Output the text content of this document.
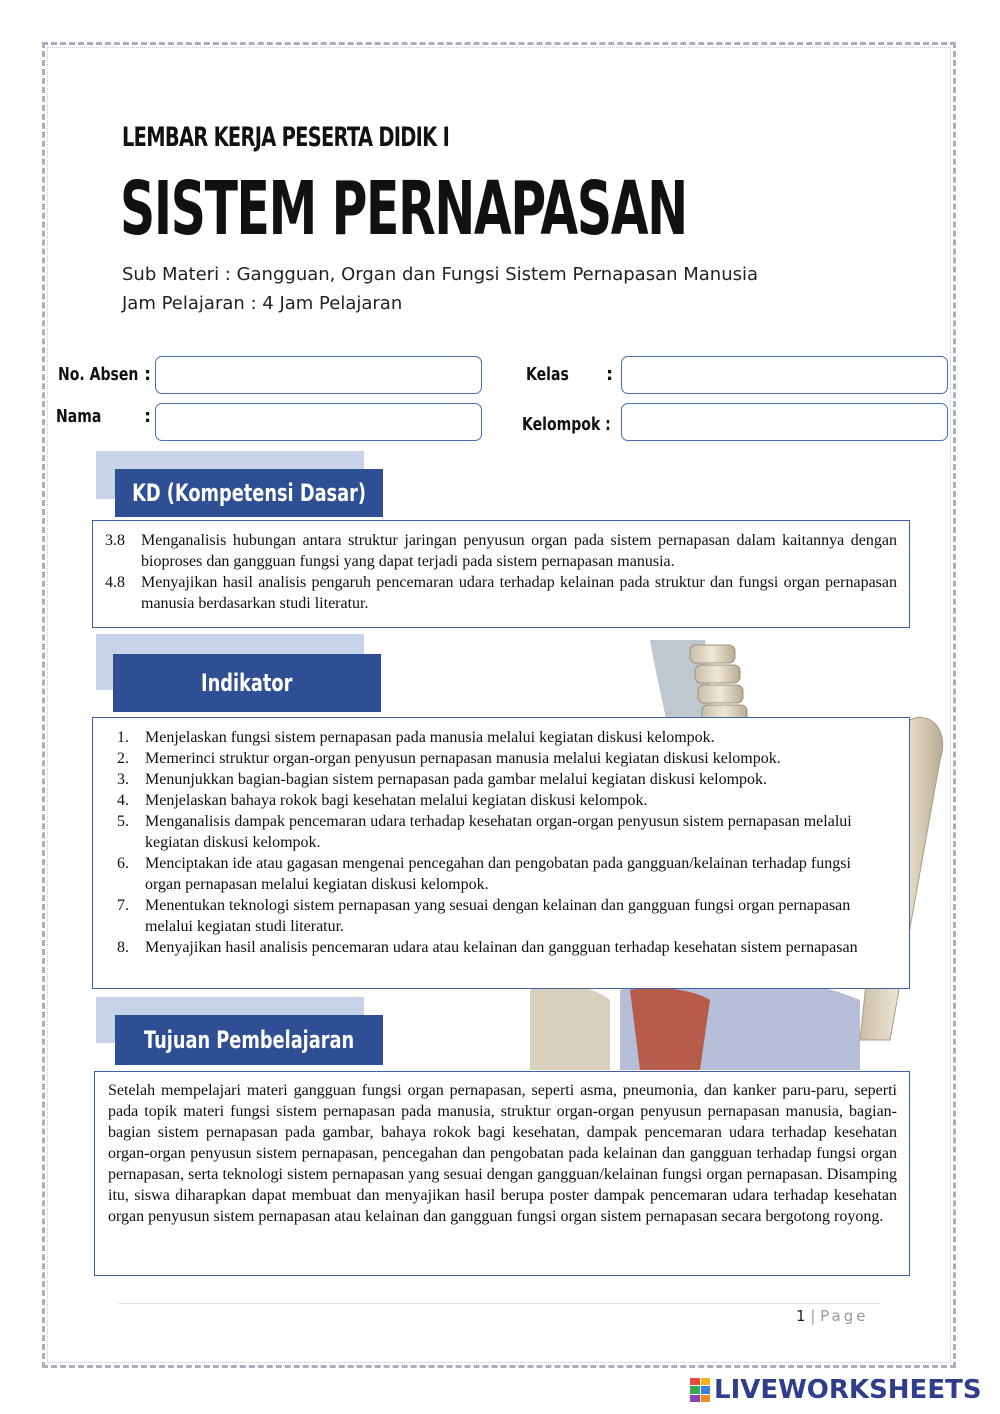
LEMBAR KERJA PESERTA DIDIK I
SISTEM PERNAPASAN
Sub Materi : Gangguan, Organ dan Fungsi Sistem Pernapasan Manusia
Jam Pelajaran : 4 Jam Pelajaran
No. Absen :
Nama :
Kelas :
Kelompok :
KD (Kompetensi Dasar)
3.8 Menganalisis hubungan antara struktur jaringan penyusun organ pada sistem pernapasan dalam kaitannya dengan bioproses dan gangguan fungsi yang dapat terjadi pada sistem pernapasan manusia.
4.8 Menyajikan hasil analisis pengaruh pencemaran udara terhadap kelainan pada struktur dan fungsi organ pernapasan manusia berdasarkan studi literatur.
Indikator
1. Menjelaskan fungsi sistem pernapasan pada manusia melalui kegiatan diskusi kelompok.
2. Memerinci struktur organ-organ penyusun pernapasan manusia melalui kegiatan diskusi kelompok.
3. Menunjukkan bagian-bagian sistem pernapasan pada gambar melalui kegiatan diskusi kelompok.
4. Menjelaskan bahaya rokok bagi kesehatan melalui kegiatan diskusi kelompok.
5. Menganalisis dampak pencemaran udara terhadap kesehatan organ-organ penyusun sistem pernapasan melalui kegiatan diskusi kelompok.
6. Menciptakan ide atau gagasan mengenai pencegahan dan pengobatan pada gangguan/kelainan terhadap fungsi organ pernapasan melalui kegiatan diskusi kelompok.
7. Menentukan teknologi sistem pernapasan yang sesuai dengan kelainan dan gangguan fungsi organ pernapasan melalui kegiatan studi literatur.
8. Menyajikan hasil analisis pencemaran udara atau kelainan dan gangguan terhadap kesehatan sistem pernapasan
Tujuan Pembelajaran
Setelah mempelajari materi gangguan fungsi organ pernapasan, seperti asma, pneumonia, dan kanker paru-paru, seperti pada topik materi fungsi sistem pernapasan pada manusia, struktur organ-organ penyusun pernapasan manusia, bagian-bagian sistem pernapasan pada gambar, bahaya rokok bagi kesehatan, dampak pencemaran udara terhadap kesehatan organ-organ penyusun sistem pernapasan, pencegahan dan pengobatan pada kelainan dan gangguan terhadap fungsi organ pernapasan, serta teknologi sistem pernapasan yang sesuai dengan gangguan/kelainan fungsi organ pernapasan. Disamping itu, siswa diharapkan dapat membuat dan menyajikan hasil berupa poster dampak pencemaran udara terhadap kesehatan organ penyusun sistem pernapasan atau kelainan dan gangguan fungsi organ sistem pernapasan secara bergotong royong.
1 | Page
LIVEWORKSHEETS
